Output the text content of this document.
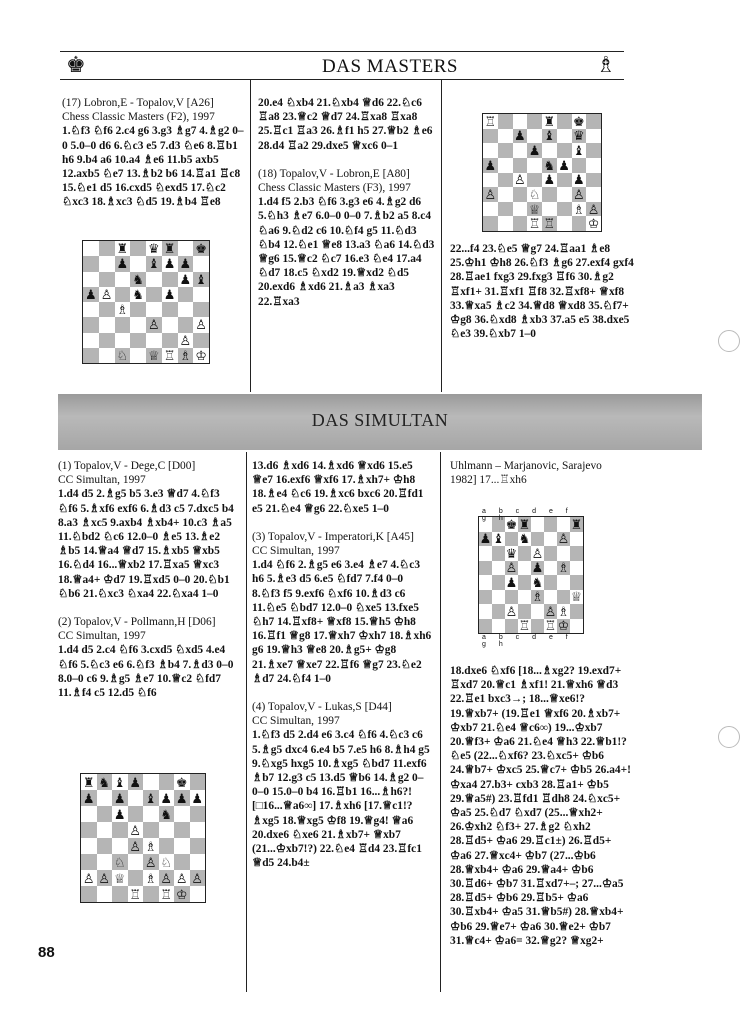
♚	DAS MASTERS	♗

(17) Lobron,E - Topalov,V [A26]
Chess Classic Masters (F2), 1997
1.♘f3 ♘f6 2.c4 g6 3.g3 ♗g7 4.♗g2 0–0 5.0–0 d6 6.♘c3 e5 7.d3 ♘e6 8.♖b1 h6 9.b4 a6 10.a4 ♗e6 11.b5 axb5 12.axb5 ♘e7 13.♗b2 b6 14.♖a1 ♖c8 15.♘e1 d5 16.cxd5 ♘exd5 17.♘c2 ♘xc3 18.♗xc3 ♘d5 19.♗b4 ♖e8

20.e4 ♘xb4 21.♘xb4 ♕d6 22.♘c6 ♖a8 23.♕c2 ♕d7 24.♖xa8 ♖xa8 25.♖c1 ♖a3 26.♗f1 h5 27.♕b2 ♗e6 28.d4 ♖a2 29.dxe5 ♕xc6 0–1

(18) Topalov,V - Lobron,E [A80]
Chess Classic Masters (F3), 1997
1.d4 f5 2.b3 ♘f6 3.g3 e6 4.♗g2 d6 5.♘h3 ♗e7 6.0–0 0–0 7.♗b2 a5 8.c4 ♘a6 9.♘d2 c6 10.♘f4 g5 11.♘d3 ♘b4 12.♘e1 ♕e8 13.a3 ♘a6 14.♘d3 ♕g6 15.♕c2 ♘c7 16.e3 ♘e4 17.a4 ♘d7 18.c5 ♘xd2 19.♕xd2 ♘d5 20.exd6 ♗xd6 21.♗a3 ♗xa3 22.♖xa3

22...f4 23.♘e5 ♕g7 24.♖aa1 ♗e8 25.♔h1 ♔h8 26.♘f3 ♗g6 27.exf4 gxf4 28.♖ae1 fxg3 29.fxg3 ♖f6 30.♗g2 ♖xf1+ 31.♖xf1 ♖f8 32.♖xf8+ ♕xf8 33.♕xa5 ♗c2 34.♕d8 ♕xd8 35.♘f7+ ♔g8 36.♘xd8 ♗xb3 37.a5 e5 38.dxe5 ♘e3 39.♘xb7 1–0

♜ ♛ ♜ ♚
♟ ♝ ♟ ♟
♞	♟ ♝
♟ ♙ ♞ ♟
♗
♙	♙
♙
♘ ♕ ♖ ♗ ♔
♖	♜ ♚
♟ ♝ ♛
♟	♝
♟	♞ ♟
♙ ♟ ♟
♙	♘	♙
♕	♗ ♙
♖ ♖	♔
DAS SIMULTAN

(1) Topalov,V - Dege,C [D00]
CC Simultan, 1997
1.d4 d5 2.♗g5 b5 3.e3 ♕d7 4.♘f3 ♘f6 5.♗xf6 exf6 6.♗d3 c5 7.dxc5 b4 8.a3 ♗xc5 9.axb4 ♗xb4+ 10.c3 ♗a5 11.♘bd2 ♘c6 12.0–0 ♗e5 13.♗e2 ♗b5 14.♕a4 ♕d7 15.♗xb5 ♕xb5 16.♘d4 16...♕xb2 17.♖xa5 ♕xc3 18.♕a4+ ♔d7 19.♖xd5 0–0 20.♘b1 ♘b6 21.♘xc3 ♘xa4 22.♘xa4 1–0

(2) Topalov,V - Pollmann,H [D06]
CC Simultan, 1997
1.d4 d5 2.c4 ♘f6 3.cxd5 ♘xd5 4.e4 ♘f6 5.♘c3 e6 6.♘f3 ♗b4 7.♗d3 0–0 8.0–0 c6 9.♗g5 ♗e7 10.♕c2 ♘fd7 11.♗f4 c5 12.d5 ♘f6

13.d6 ♗xd6 14.♗xd6 ♕xd6 15.e5 ♕e7 16.exf6 ♕xf6 17.♗xh7+ ♔h8 18.♗e4 ♘c6 19.♗xc6 bxc6 20.♖fd1 e5 21.♘e4 ♕g6 22.♘xe5 1–0

(3) Topalov,V - Imperatori,K [A45]
CC Simultan, 1997
1.d4 ♘f6 2.♗g5 e6 3.e4 ♗e7 4.♘c3 h6 5.♗e3 d5 6.e5 ♘fd7 7.f4 0–0 8.♘f3 f5 9.exf6 ♘xf6 10.♗d3 c6 11.♘e5 ♘bd7 12.0–0 ♘xe5 13.fxe5 ♘h7 14.♖xf8+ ♕xf8 15.♕h5 ♔h8 16.♖f1 ♕g8 17.♕xh7 ♔xh7 18.♗xh6 g6 19.♕h3 ♕e8 20.♗g5+ ♔g8 21.♗xe7 ♕xe7 22.♖f6 ♕g7 23.♘e2 ♗d7 24.♘f4 1–0

(4) Topalov,V - Lukas,S [D44]
CC Simultan, 1997
1.♘f3 d5 2.d4 e6 3.c4 ♘f6 4.♘c3 c6 5.♗g5 dxc4 6.e4 b5 7.e5 h6 8.♗h4 g5 9.♘xg5 hxg5 10.♗xg5 ♘bd7 11.exf6 ♗b7 12.g3 c5 13.d5 ♕b6 14.♗g2 0–0–0 15.0–0 b4 16.♖b1 16...♗h6?! [□16...♕a6∞] 17.♗xh6 [17.♕c1!? ♗xg5 18.♕xg5 ♔f8 19.♕g4! ♕a6 20.dxe6 ♘xe6 21.♗xb7+ ♕xb7 (21...♔xb7!?) 22.♘e4 ♖d4 23.♖fc1 ♕d5 24.b4±

Uhlmann – Marjanovic, Sarajevo 1982] 17...♖xh6

18.dxe6 ♘xf6 [18...♗xg2? 19.exd7+ ♖xd7 20.♕c1 ♗xf1! 21.♕xh6 ♕d3 22.♖e1 bxc3→; 18...♕xe6!? 19.♕xb7+ (19.♖e1 ♕xf6 20.♗xb7+ ♔xb7 21.♘e4 ♕c6∞) 19...♔xb7 20.♕f3+ ♔a6 21.♘e4 ♕h3 22.♕b1!? ♘e5 (22...♘xf6? 23.♘xc5+ ♔b6 24.♕b7+ ♔xc5 25.♕c7+ ♔b5 26.a4+! ♔xa4 27.b3+ cxb3 28.♖a1+ ♔b5 29.♕a5#) 23.♖fd1 ♖dh8 24.♘xc5+ ♔a5 25.♘d7 ♘xd7 (25...♕xh2+ 26.♔xh2 ♘f3+ 27.♗g2 ♘xh2 28.♖d5+ ♔a6 29.♖c1±) 26.♖d5+ ♔a6 27.♕xc4+ ♔b7 (27...♔b6 28.♕xb4+ ♔a6 29.♕a4+ ♔b6 30.♖d6+ ♔b7 31.♖xd7+–; 27...♔a5 28.♖d5+ ♔b6 29.♖b5+ ♔a6 30.♖xb4+ ♔a5 31.♕b5#) 28.♕xb4+ ♔b6 29.♕e7+ ♔a6 30.♕e2+ ♔b7 31.♕c4+ ♔a6= 32.♕g2? ♕xg2+

♜ ♞ ♝ ♟	♚
♟ ♟ ♝ ♟ ♟ ♟
♟	♞
♙
♙ ♗
♘ ♙ ♘
♙ ♙ ♕ ♗ ♙ ♙ ♙
♖ ♖ ♔
♚ ♜	♜
♟ ♝ ♞ ♙
♛ ♙
♙ ♟ ♗
♟ ♞
♗ ♕
♙ ♙ ♗
♖ ♖ ♔
a b c d e f g h
a b c d e f g h
88
